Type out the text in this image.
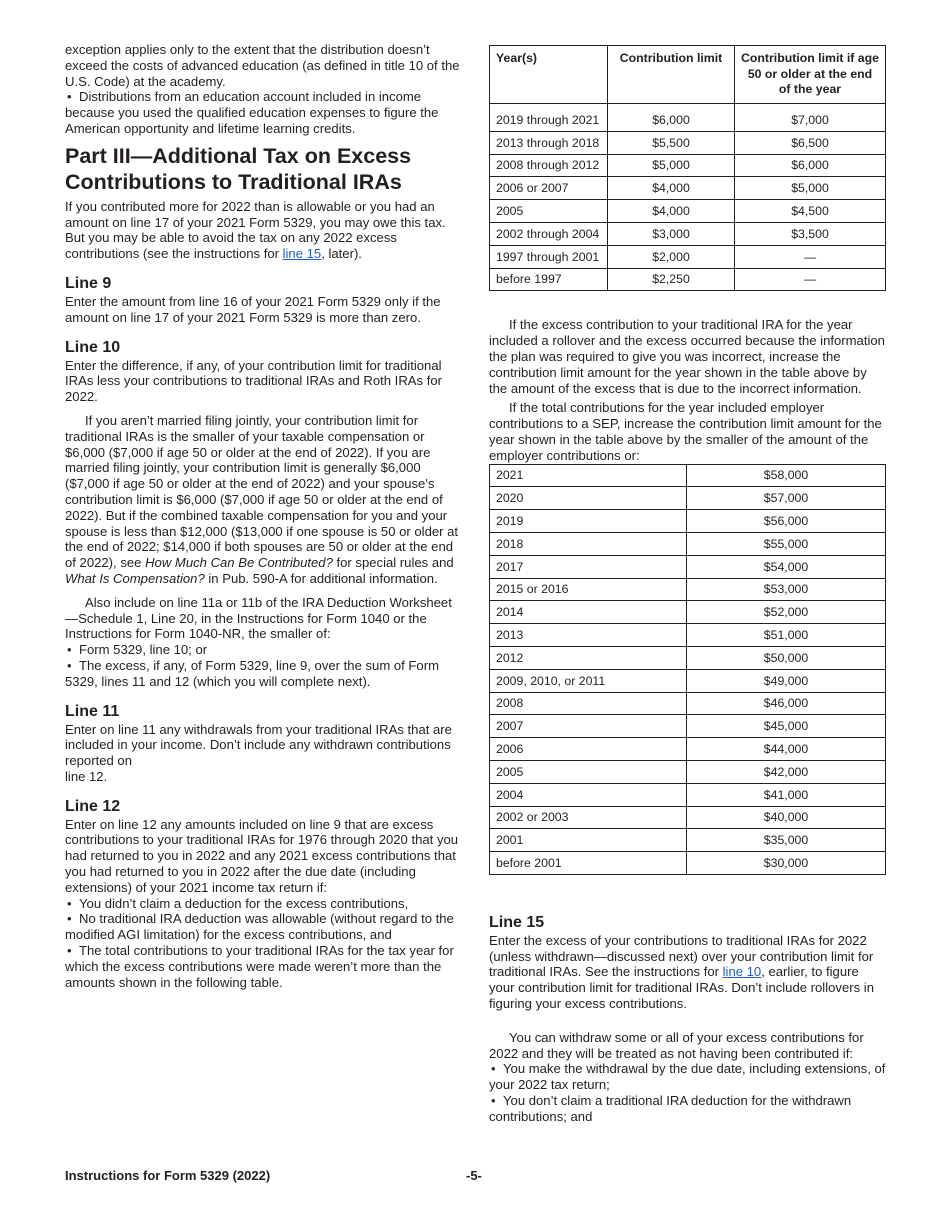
exception applies only to the extent that the distribution doesn’t exceed the costs of advanced education (as defined in title 10 of the U.S. Code) at the academy.

• Distributions from an education account included in income because you used the qualified education expenses to figure the American opportunity and lifetime learning credits.

Part III—Additional Tax on Excess Contributions to Traditional IRAs

If you contributed more for 2022 than is allowable or you had an amount on line 17 of your 2021 Form 5329, you may owe this tax. But you may be able to avoid the tax on any 2022 excess contributions (see the instructions for line 15, later).

Line 9

Enter the amount from line 16 of your 2021 Form 5329 only if the amount on line 17 of your 2021 Form 5329 is more than zero.

Line 10

Enter the difference, if any, of your contribution limit for traditional IRAs less your contributions to traditional IRAs and Roth IRAs for 2022.

If you aren’t married filing jointly, your contribution limit for traditional IRAs is the smaller of your taxable compensation or $6,000 ($7,000 if age 50 or older at the end of 2022). If you are married filing jointly, your contribution limit is generally $6,000 ($7,000 if age 50 or older at the end of 2022) and your spouse's contribution limit is $6,000 ($7,000 if age 50 or older at the end of 2022). But if the combined taxable compensation for you and your spouse is less than $12,000 ($13,000 if one spouse is 50 or older at the end of 2022; $14,000 if both spouses are 50 or older at the end of 2022), see How Much Can Be Contributed? for special rules and What Is Compensation? in Pub. 590-A for additional information.

Also include on line 11a or 11b of the IRA Deduction Worksheet—Schedule 1, Line 20, in the Instructions for Form 1040 or the Instructions for Form 1040-NR, the smaller of:

• Form 5329, line 10; or

• The excess, if any, of Form 5329, line 9, over the sum of Form 5329, lines 11 and 12 (which you will complete next).

Line 11

Enter on line 11 any withdrawals from your traditional IRAs that are included in your income. Don’t include any withdrawn contributions reported on

line 12.

Line 12

Enter on line 12 any amounts included on line 9 that are excess contributions to your traditional IRAs for 1976 through 2020 that you had returned to you in 2022 and any 2021 excess contributions that you had returned to you in 2022 after the due date (including extensions) of your 2021 income tax return if:

• You didn’t claim a deduction for the excess contributions,

• No traditional IRA deduction was allowable (without regard to the modified AGI limitation) for the excess contributions, and

• The total contributions to your traditional IRAs for the tax year for which the excess contributions were made weren’t more than the amounts shown in the following table.

Year(s)	Contribution limit	Contribution limit if age 50 or older at the end of the year
2019 through 2021	$6,000	$7,000
2013 through 2018	$5,500	$6,500
2008 through 2012	$5,000	$6,000
2006 or 2007	$4,000	$5,000
2005	$4,000	$4,500
2002 through 2004	$3,000	$3,500
1997 through 2001	$2,000	—
before 1997	$2,250	—

If the excess contribution to your traditional IRA for the year included a rollover and the excess occurred because the information the plan was required to give you was incorrect, increase the contribution limit amount for the year shown in the table above by the amount of the excess that is due to the incorrect information.

If the total contributions for the year included employer contributions to a SEP, increase the contribution limit amount for the year shown in the table above by the smaller of the amount of the employer contributions or:

2021	$58,000
2020	$57,000
2019	$56,000
2018	$55,000
2017	$54,000
2015 or 2016	$53,000
2014	$52,000
2013	$51,000
2012	$50,000
2009, 2010, or 2011	$49,000
2008	$46,000
2007	$45,000
2006	$44,000
2005	$42,000
2004	$41,000
2002 or 2003	$40,000
2001	$35,000
before 2001	$30,000
Line 15

Enter the excess of your contributions to traditional IRAs for 2022 (unless withdrawn—discussed next) over your contribution limit for traditional IRAs. See the instructions for line 10, earlier, to figure your contribution limit for traditional IRAs. Don’t include rollovers in figuring your excess contributions.

You can withdraw some or all of your excess contributions for 2022 and they will be treated as not having been contributed if:

• You make the withdrawal by the due date, including extensions, of your 2022 tax return;

• You don’t claim a traditional IRA deduction for the withdrawn contributions; and

Instructions for Form 5329 (2022)	-5-
